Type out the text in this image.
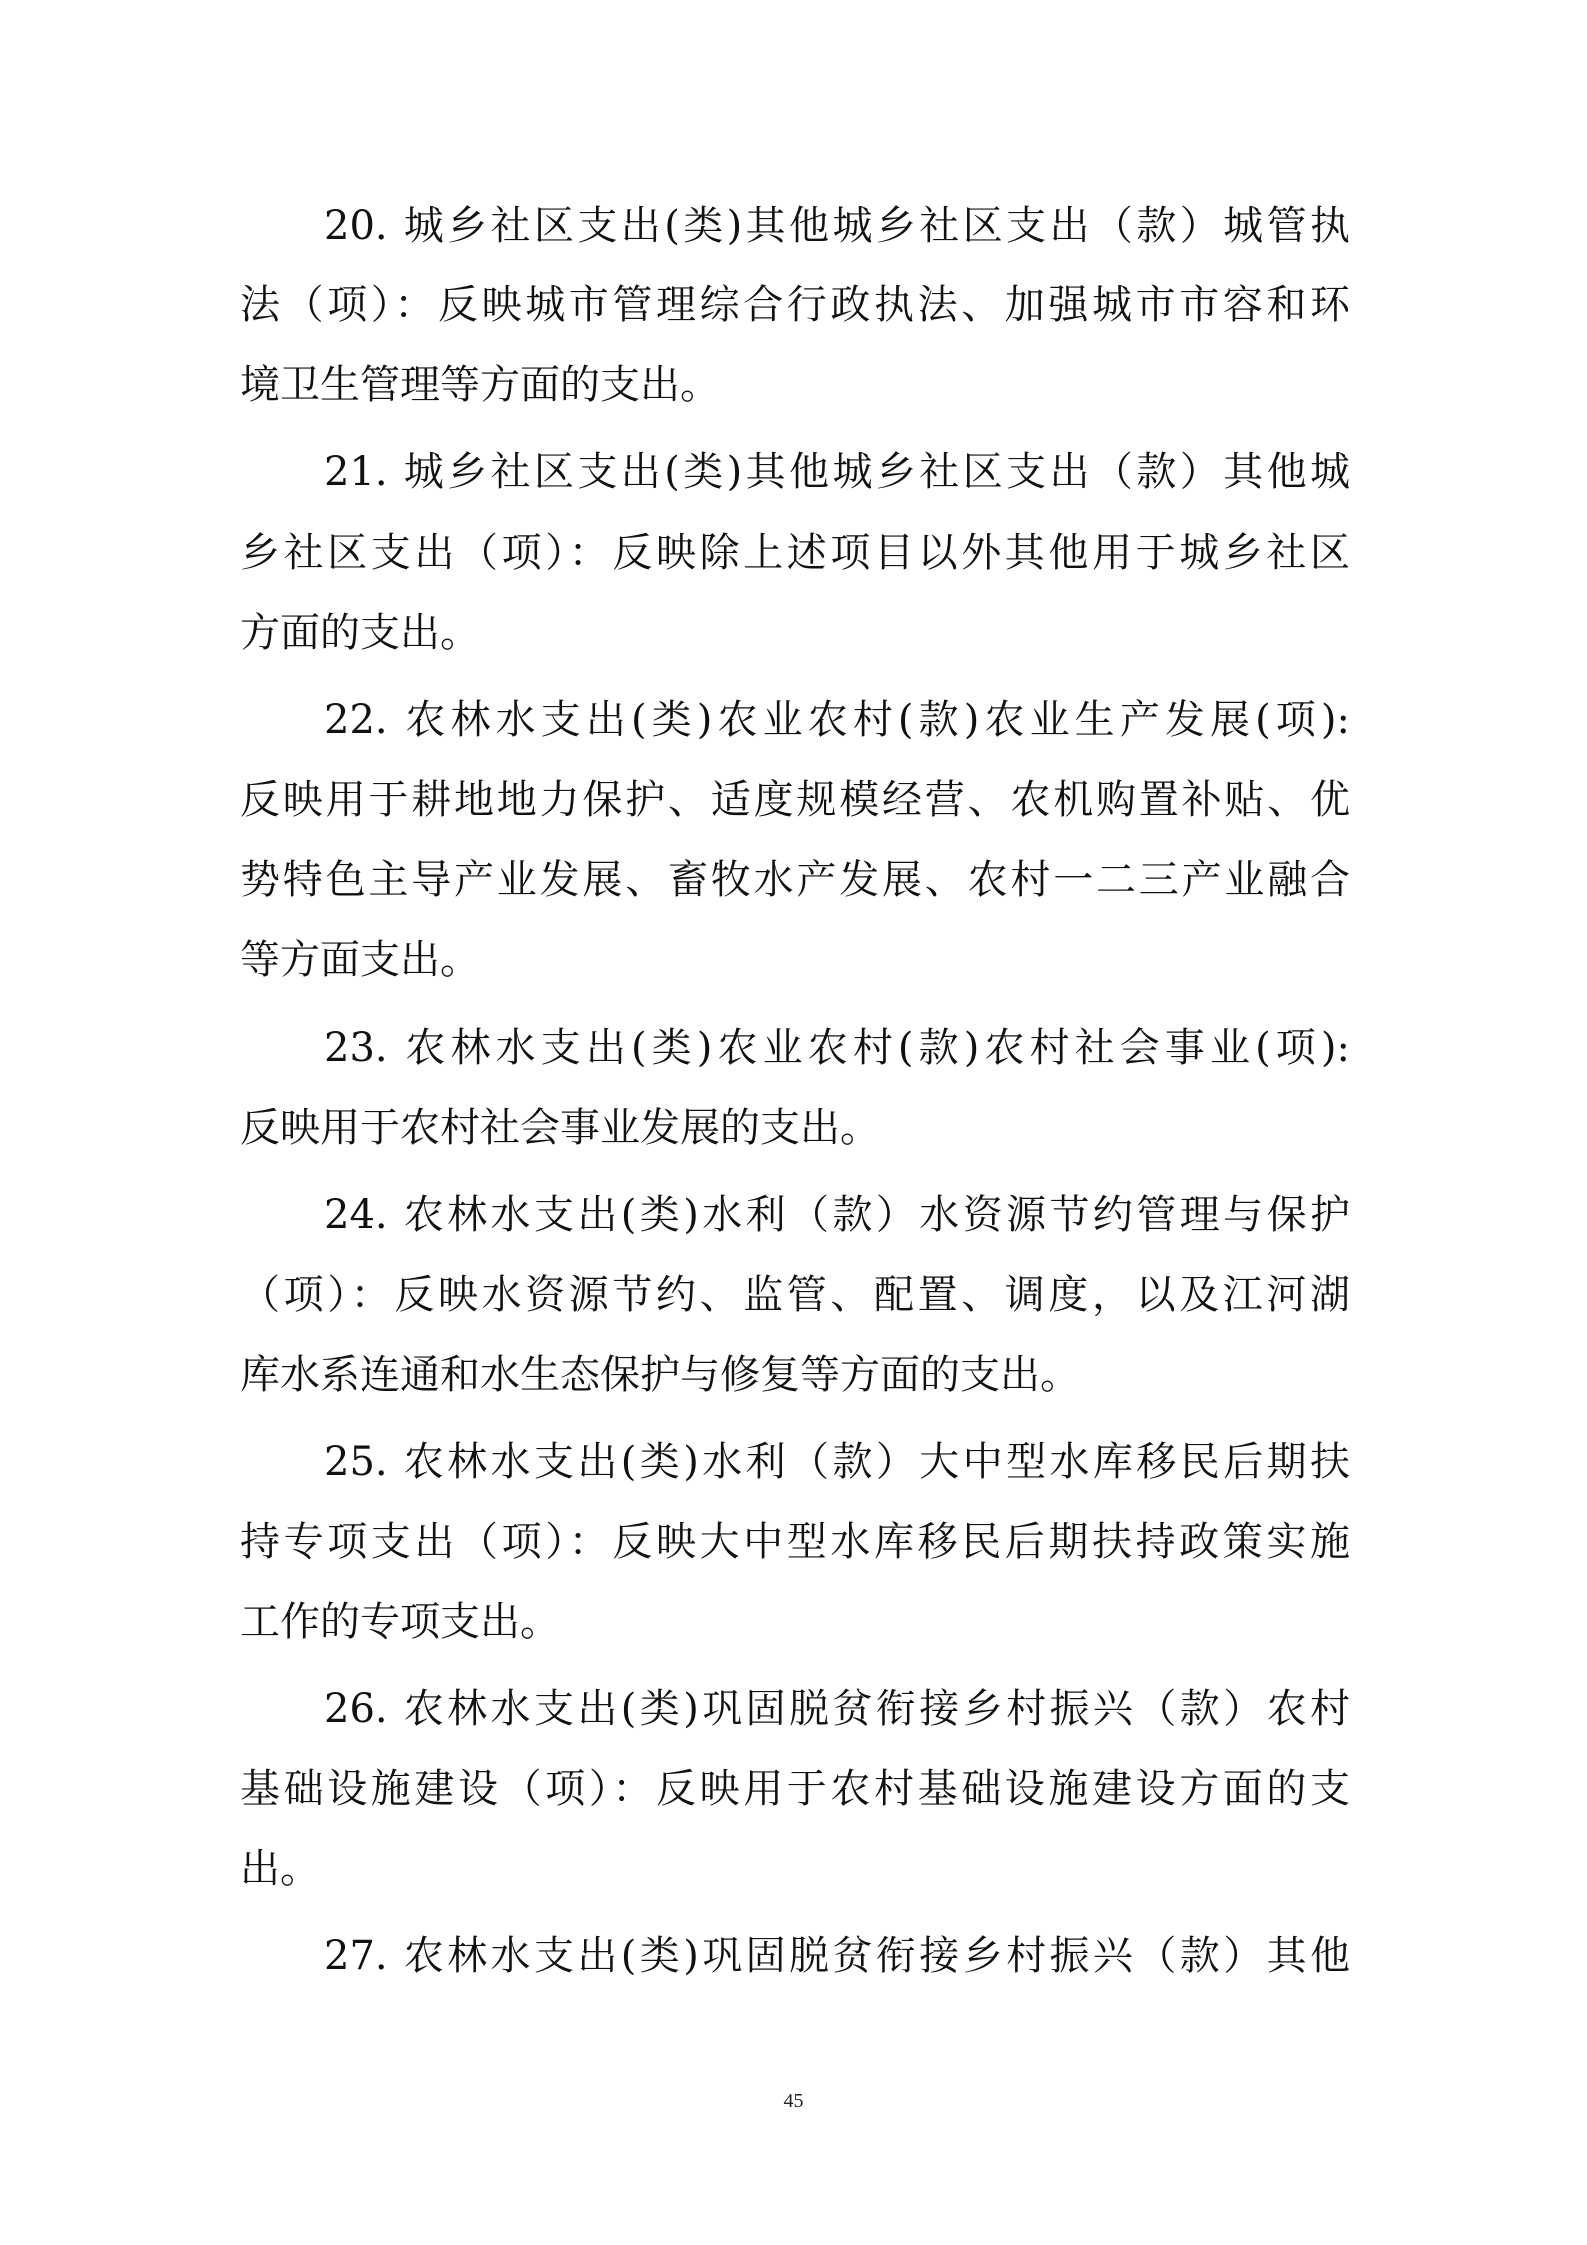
20. 城乡社区支出(类)其他城乡社区支出（款）城管执
法（项）：反映城市管理综合行政执法、加强城市市容和环
境卫生管理等方面的支出。
21. 城乡社区支出(类)其他城乡社区支出（款）其他城
乡社区支出（项）：反映除上述项目以外其他用于城乡社区
方面的支出。
22. 农林水支出(类)农业农村(款)农业生产发展(项):
反映用于耕地地力保护、适度规模经营、农机购置补贴、优
势特色主导产业发展、畜牧水产发展、农村一二三产业融合
等方面支出。
23. 农林水支出(类)农业农村(款)农村社会事业(项):
反映用于农村社会事业发展的支出。
24. 农林水支出(类)水利（款）水资源节约管理与保护
（项）：反映水资源节约、监管、配置、调度，以及江河湖
库水系连通和水生态保护与修复等方面的支出。
25. 农林水支出(类)水利（款）大中型水库移民后期扶
持专项支出（项）：反映大中型水库移民后期扶持政策实施
工作的专项支出。
26. 农林水支出(类)巩固脱贫衔接乡村振兴（款）农村
基础设施建设（项）：反映用于农村基础设施建设方面的支
出。
27. 农林水支出(类)巩固脱贫衔接乡村振兴（款）其他
45
